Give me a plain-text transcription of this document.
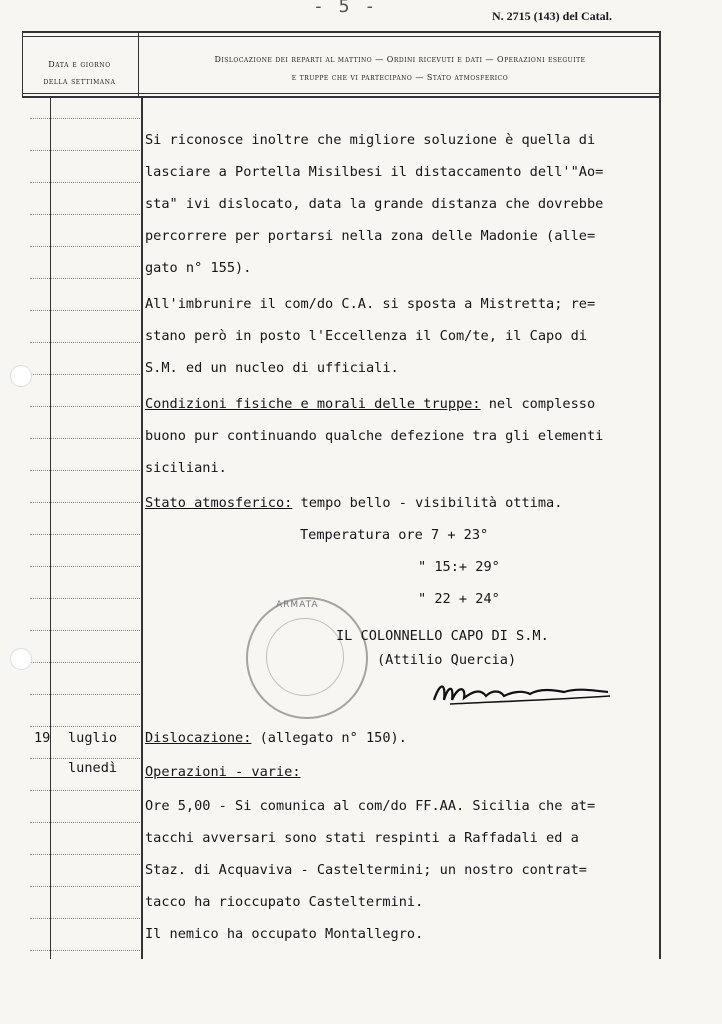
- 5 -	N. 2715 (143) del Catal.
Data e giorno
della settimana
Dislocazione dei reparti al mattino — Ordini ricevuti e dati — Operazioni eseguite
e truppe che vi partecipano — Stato atmosferico
Si riconosce inoltre che migliore soluzione è quella di
lasciare a Portella Misilbesi il distaccamento dell'"Ao=
sta" ivi dislocato, data la grande distanza che dovrebbe
percorrere per portarsi nella zona delle Madonie (alle=
gato n° 155).
All'imbrunire il com/do C.A. si sposta a Mistretta; re=
stano però in posto l'Eccellenza il Com/te, il Capo di
S.M. ed un nucleo di ufficiali.
Condizioni fisiche e morali delle truppe: nel complesso
buono pur continuando qualche defezione tra gli elementi
siciliani.
Stato atmosferico: tempo bello - visibilità ottima.
Temperatura ore 7 + 23°
" 15:+ 29°
" 22 + 24°
ARMATA
IL COLONNELLO CAPO DI S.M.
(Attilio Quercia)
19 luglio
lunedì
Dislocazione: (allegato n° 150).
Operazioni - varie:
Ore 5,00 - Si comunica al com/do FF.AA. Sicilia che at=
tacchi avversari sono stati respinti a Raffadali ed a
Staz. di Acquaviva - Casteltermini; un nostro contrat=
tacco ha rioccupato Casteltermini.
Il nemico ha occupato Montallegro.
